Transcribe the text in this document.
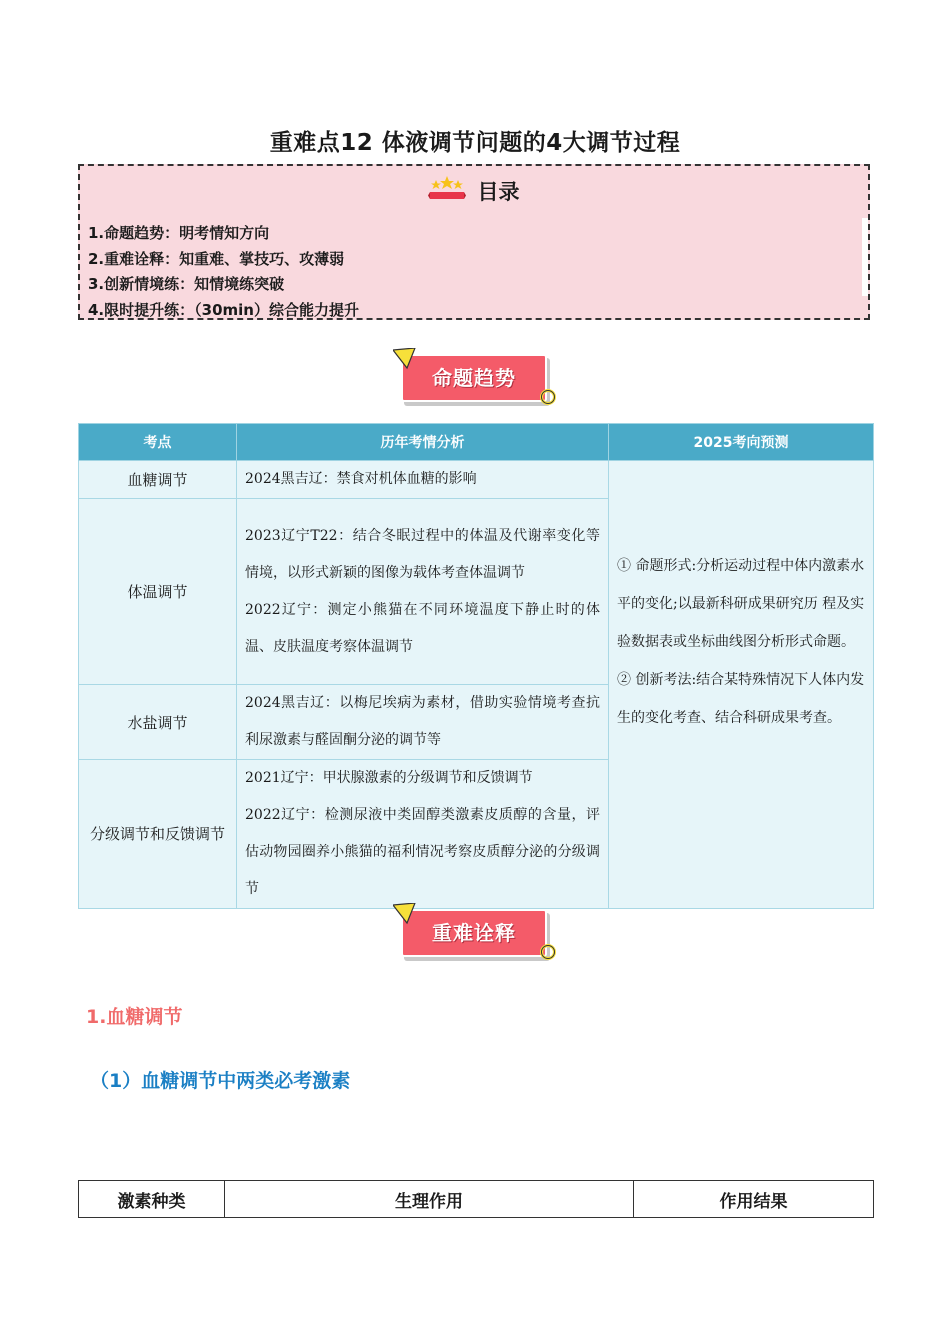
重难点12 体液调节问题的4大调节过程
目录
1.命题趋势：明考情知方向
2.重难诠释：知重难、掌技巧、攻薄弱
3.创新情境练：知情境练突破
4.限时提升练：（30min）综合能力提升
命题趋势
考点	历年考情分析	2025考向预测
血糖调节	2024黑吉辽：禁食对机体血糖的影响	① 命题形式:分析运动过程中体内激素水平的变化;以最新科研成果研究历 程及实验数据表或坐标曲线图分析形式命题。
② 创新考法:结合某特殊情况下人体内发生的变化考查、结合科研成果考查。

体温调节	2023辽宁T22：结合冬眠过程中的体温及代谢率变化等情境，以形式新颖的图像为载体考查体温调节
2022辽宁：测定小熊猫在不同环境温度下静止时的体温、皮肤温度考察体温调节	

水盐调节	2024黑吉辽：以梅尼埃病为素材，借助实验情境考查抗利尿激素与醛固酮分泌的调节等	

分级调节和反馈调节	2021辽宁：甲状腺激素的分级调节和反馈调节
2022辽宁：检测尿液中类固醇类激素皮质醇的含量，评估动物园圈养小熊猫的福利情况考察皮质醇分泌的分级调节	
重难诠释
1.血糖调节
（1）血糖调节中两类必考激素
激素种类	生理作用	作用结果
